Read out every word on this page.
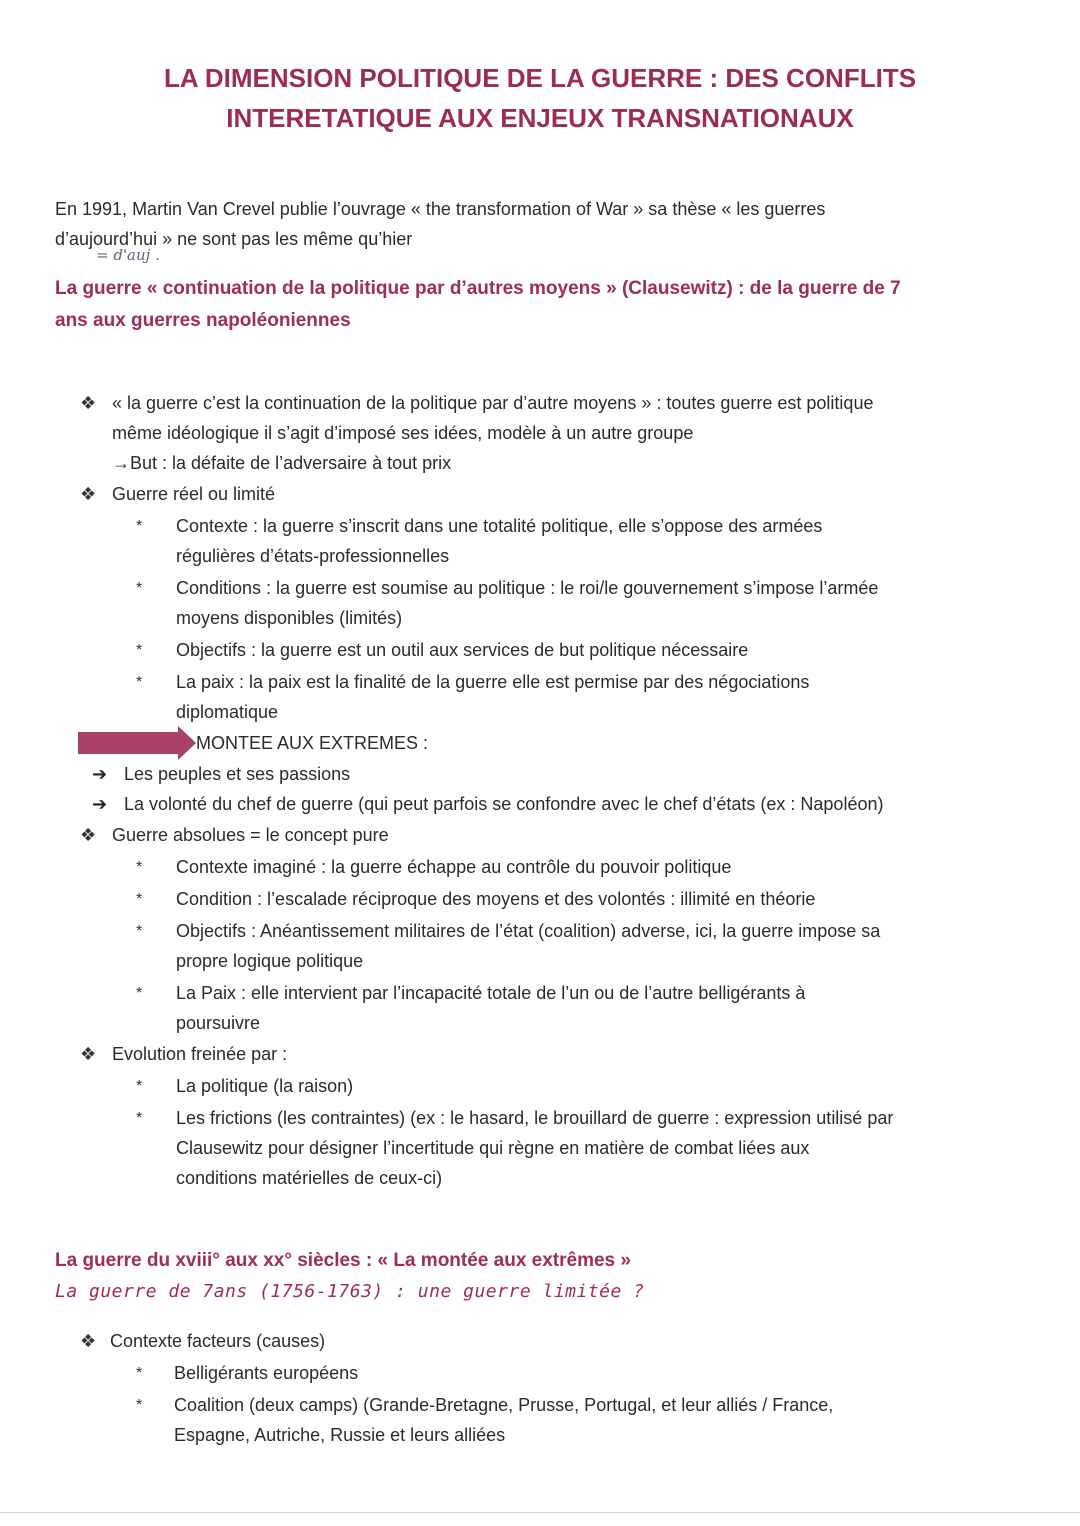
LA DIMENSION POLITIQUE DE LA GUERRE : DES CONFLITS
INTERETATIQUE AUX ENJEUX TRANSNATIONAUX
En 1991, Martin Van Crevel publie l’ouvrage « the transformation of War » sa thèse « les guerres
d’aujourd’hui » ne sont pas les même qu’hier
= d'auj .
La guerre « continuation de la politique par d’autres moyens » (Clausewitz) : de la guerre de 7
ans aux guerres napoléoniennes
❖ « la guerre c’est la continuation de la politique par d’autre moyens » : toutes guerre est politique
même idéologique il s’agit d’imposé ses idées, modèle à un autre groupe
→But : la défaite de l’adversaire à tout prix
❖ Guerre réel ou limité
* Contexte : la guerre s’inscrit dans une totalité politique, elle s’oppose des armées
régulières d’états-professionnelles
* Conditions : la guerre est soumise au politique : le roi/le gouvernement s’impose l’armée
moyens disponibles (limités)
* Objectifs : la guerre est un outil aux services de but politique nécessaire
* La paix : la paix est la finalité de la guerre elle est permise par des négociations
diplomatique
MONTEE AUX EXTREMES :
➔ Les peuples et ses passions
➔ La volonté du chef de guerre (qui peut parfois se confondre avec le chef d’états (ex : Napoléon)
❖ Guerre absolues = le concept pure
* Contexte imaginé : la guerre échappe au contrôle du pouvoir politique
* Condition : l’escalade réciproque des moyens et des volontés : illimité en théorie
* Objectifs : Anéantissement militaires de l’état (coalition) adverse, ici, la guerre impose sa
propre logique politique
* La Paix : elle intervient par l’incapacité totale de l’un ou de l’autre belligérants à
poursuivre
❖ Evolution freinée par :
* La politique (la raison)
* Les frictions (les contraintes) (ex : le hasard, le brouillard de guerre : expression utilisé par
Clausewitz pour désigner l’incertitude qui règne en matière de combat liées aux
conditions matérielles de ceux-ci)
La guerre du xviii° aux xx° siècles : « La montée aux extrêmes »
La guerre de 7ans (1756-1763) : une guerre limitée ?
❖ Contexte facteurs (causes)
* Belligérants européens
* Coalition (deux camps) (Grande-Bretagne, Prusse, Portugal, et leur alliés / France,
Espagne, Autriche, Russie et leurs alliées
